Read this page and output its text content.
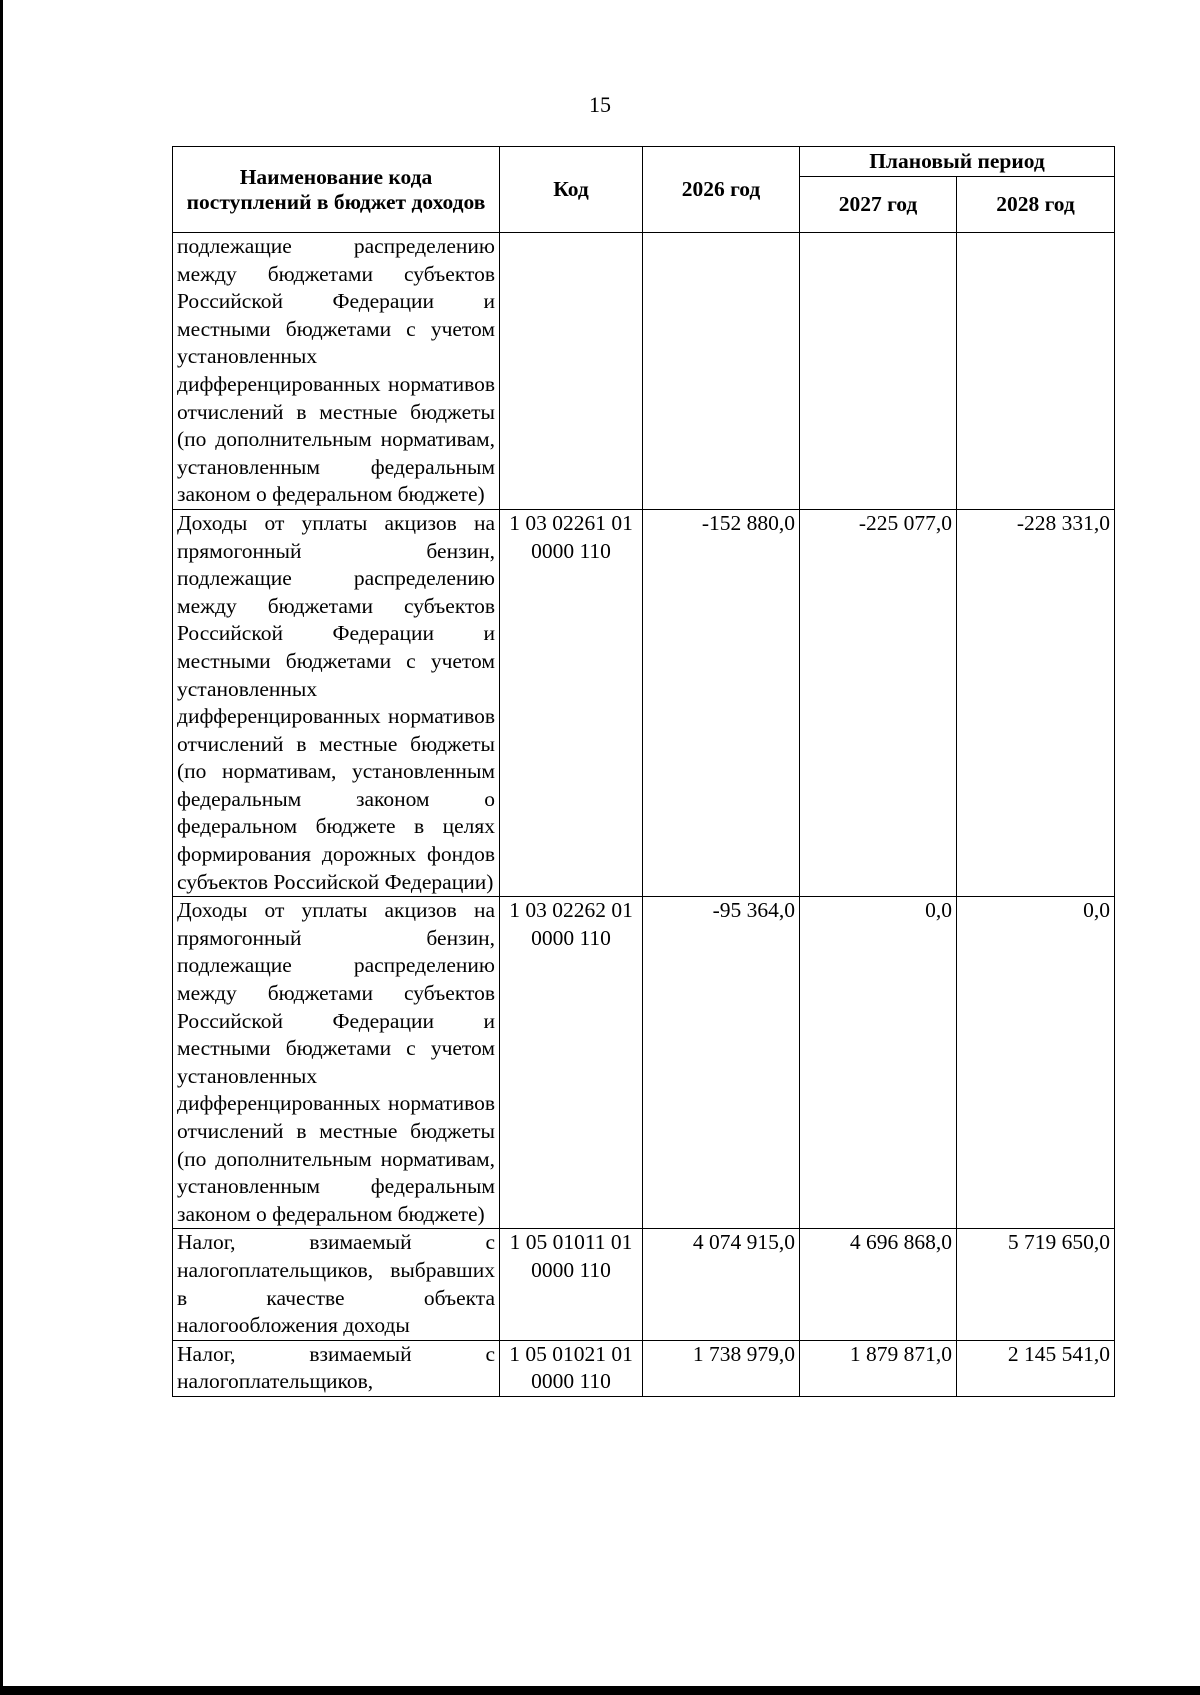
15
Наименование кода поступлений в бюджет доходов	Код	2026 год	Плановый период	
			2027 год	2028 год
подлежащие распределению между бюджетами субъектов Российской Федерации и местными бюджетами с учетом установленных дифференцированных нормативов отчислений в местные бюджеты (по дополнительным нормативам, установленным федеральным законом о федеральном бюджете)				
Доходы от уплаты акцизов на прямогонный бензин, подлежащие распределению между бюджетами субъектов Российской Федерации и местными бюджетами с учетом установленных дифференцированных нормативов отчислений в местные бюджеты (по нормативам, установленным федеральным законом о федеральном бюджете в целях формирования дорожных фондов субъектов Российской Федерации)	1 03 02261 01 0000 110	-152 880,0	-225 077,0	-228 331,0
Доходы от уплаты акцизов на прямогонный бензин, подлежащие распределению между бюджетами субъектов Российской Федерации и местными бюджетами с учетом установленных дифференцированных нормативов отчислений в местные бюджеты (по дополнительным нормативам, установленным федеральным законом о федеральном бюджете)	1 03 02262 01 0000 110	-95 364,0	0,0	0,0
Налог, взимаемый с налогоплательщиков, выбравших в качестве объекта налогообложения доходы	1 05 01011 01 0000 110	4 074 915,0	4 696 868,0	5 719 650,0
Налог, взимаемый с налогоплательщиков,	1 05 01021 01 0000 110	1 738 979,0	1 879 871,0	2 145 541,0
